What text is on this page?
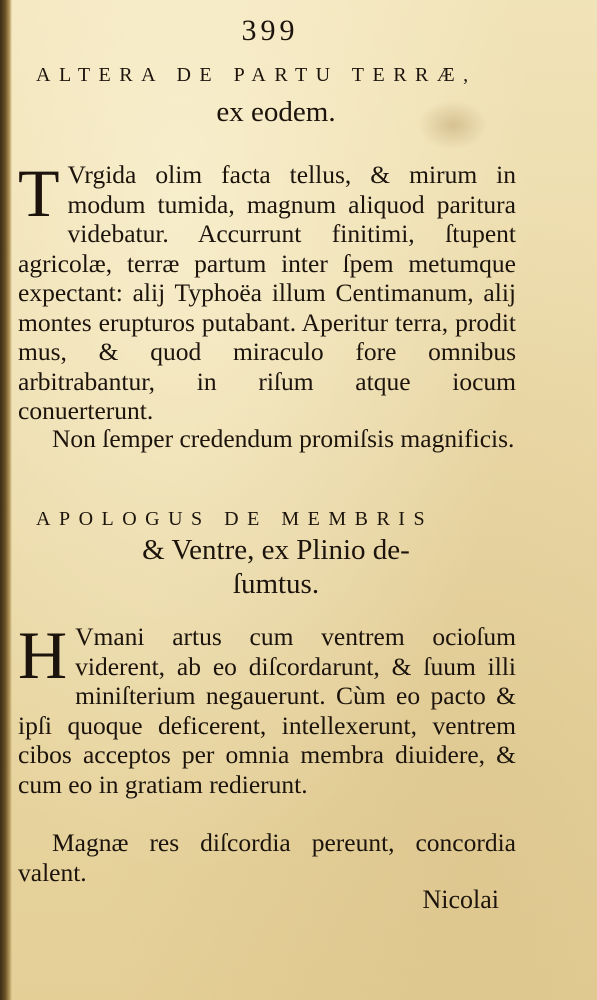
399
ALTERA DE PARTU TERRÆ,
ex eodem.

T Vrgida olim facta tellus, & mirum in modum tumida, magnum aliquod paritura videbatur. Accurrunt finitimi, ſtupent agricolæ, terræ partum inter ſpem metumque expectant: alij Typhoëa illum Centimanum, alij montes erupturos putabant. Aperitur terra, prodit mus, & quod miraculo fore omnibus arbitrabantur, in riſum atque iocum conuerterunt.

Non ſemper credendum promiſsis magnificis.

APOLOGUS DE MEMBRIS
& Ventre, ex Plinio de-
ſumtus.

H Vmani artus cum ventrem ocioſum viderent, ab eo diſcordarunt, & ſuum illi miniſterium negauerunt. Cùm eo pacto & ipſi quoque deficerent, intellexerunt, ventrem cibos acceptos per omnia membra diuidere, & cum eo in gratiam redierunt.

Magnæ res diſcordia pereunt, concordia valent.

Nicolai
